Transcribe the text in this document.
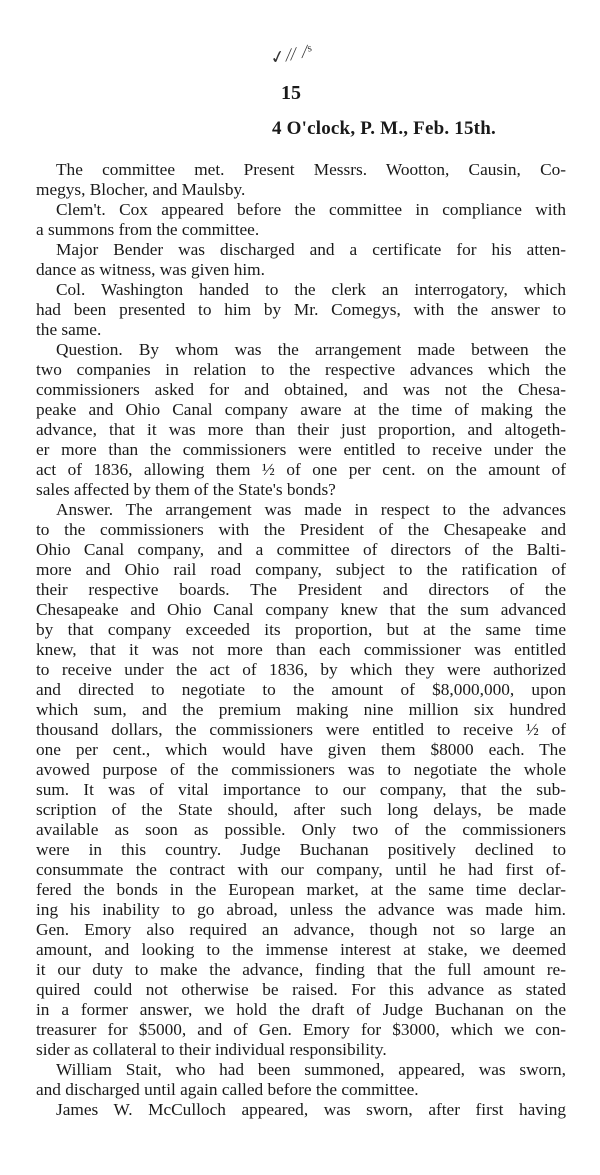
✓⁄⁄ ⁄ˢ
15
4 O'clock, P. M., Feb. 15th.
The committee met. Present Messrs. Wootton, Causin, Co-
megys, Blocher, and Maulsby.
Clem't. Cox appeared before the committee in compliance with
a summons from the committee.
Major Bender was discharged and a certificate for his atten-
dance as witness, was given him.
Col. Washington handed to the clerk an interrogatory, which
had been presented to him by Mr. Comegys, with the answer to
the same.
Question. By whom was the arrangement made between the
two companies in relation to the respective advances which the
commissioners asked for and obtained, and was not the Chesa-
peake and Ohio Canal company aware at the time of making the
advance, that it was more than their just proportion, and altogeth-
er more than the commissioners were entitled to receive under the
act of 1836, allowing them ½ of one per cent. on the amount of
sales affected by them of the State's bonds?
Answer. The arrangement was made in respect to the advances
to the commissioners with the President of the Chesapeake and
Ohio Canal company, and a committee of directors of the Balti-
more and Ohio rail road company, subject to the ratification of
their respective boards. The President and directors of the
Chesapeake and Ohio Canal company knew that the sum advanced
by that company exceeded its proportion, but at the same time
knew, that it was not more than each commissioner was entitled
to receive under the act of 1836, by which they were authorized
and directed to negotiate to the amount of $8,000,000, upon
which sum, and the premium making nine million six hundred
thousand dollars, the commissioners were entitled to receive ½ of
one per cent., which would have given them $8000 each. The
avowed purpose of the commissioners was to negotiate the whole
sum. It was of vital importance to our company, that the sub-
scription of the State should, after such long delays, be made
available as soon as possible. Only two of the commissioners
were in this country. Judge Buchanan positively declined to
consummate the contract with our company, until he had first of-
fered the bonds in the European market, at the same time declar-
ing his inability to go abroad, unless the advance was made him.
Gen. Emory also required an advance, though not so large an
amount, and looking to the immense interest at stake, we deemed
it our duty to make the advance, finding that the full amount re-
quired could not otherwise be raised. For this advance as stated
in a former answer, we hold the draft of Judge Buchanan on the
treasurer for $5000, and of Gen. Emory for $3000, which we con-
sider as collateral to their individual responsibility.
William Stait, who had been summoned, appeared, was sworn,
and discharged until again called before the committee.
James W. McCulloch appeared, was sworn, after first having
